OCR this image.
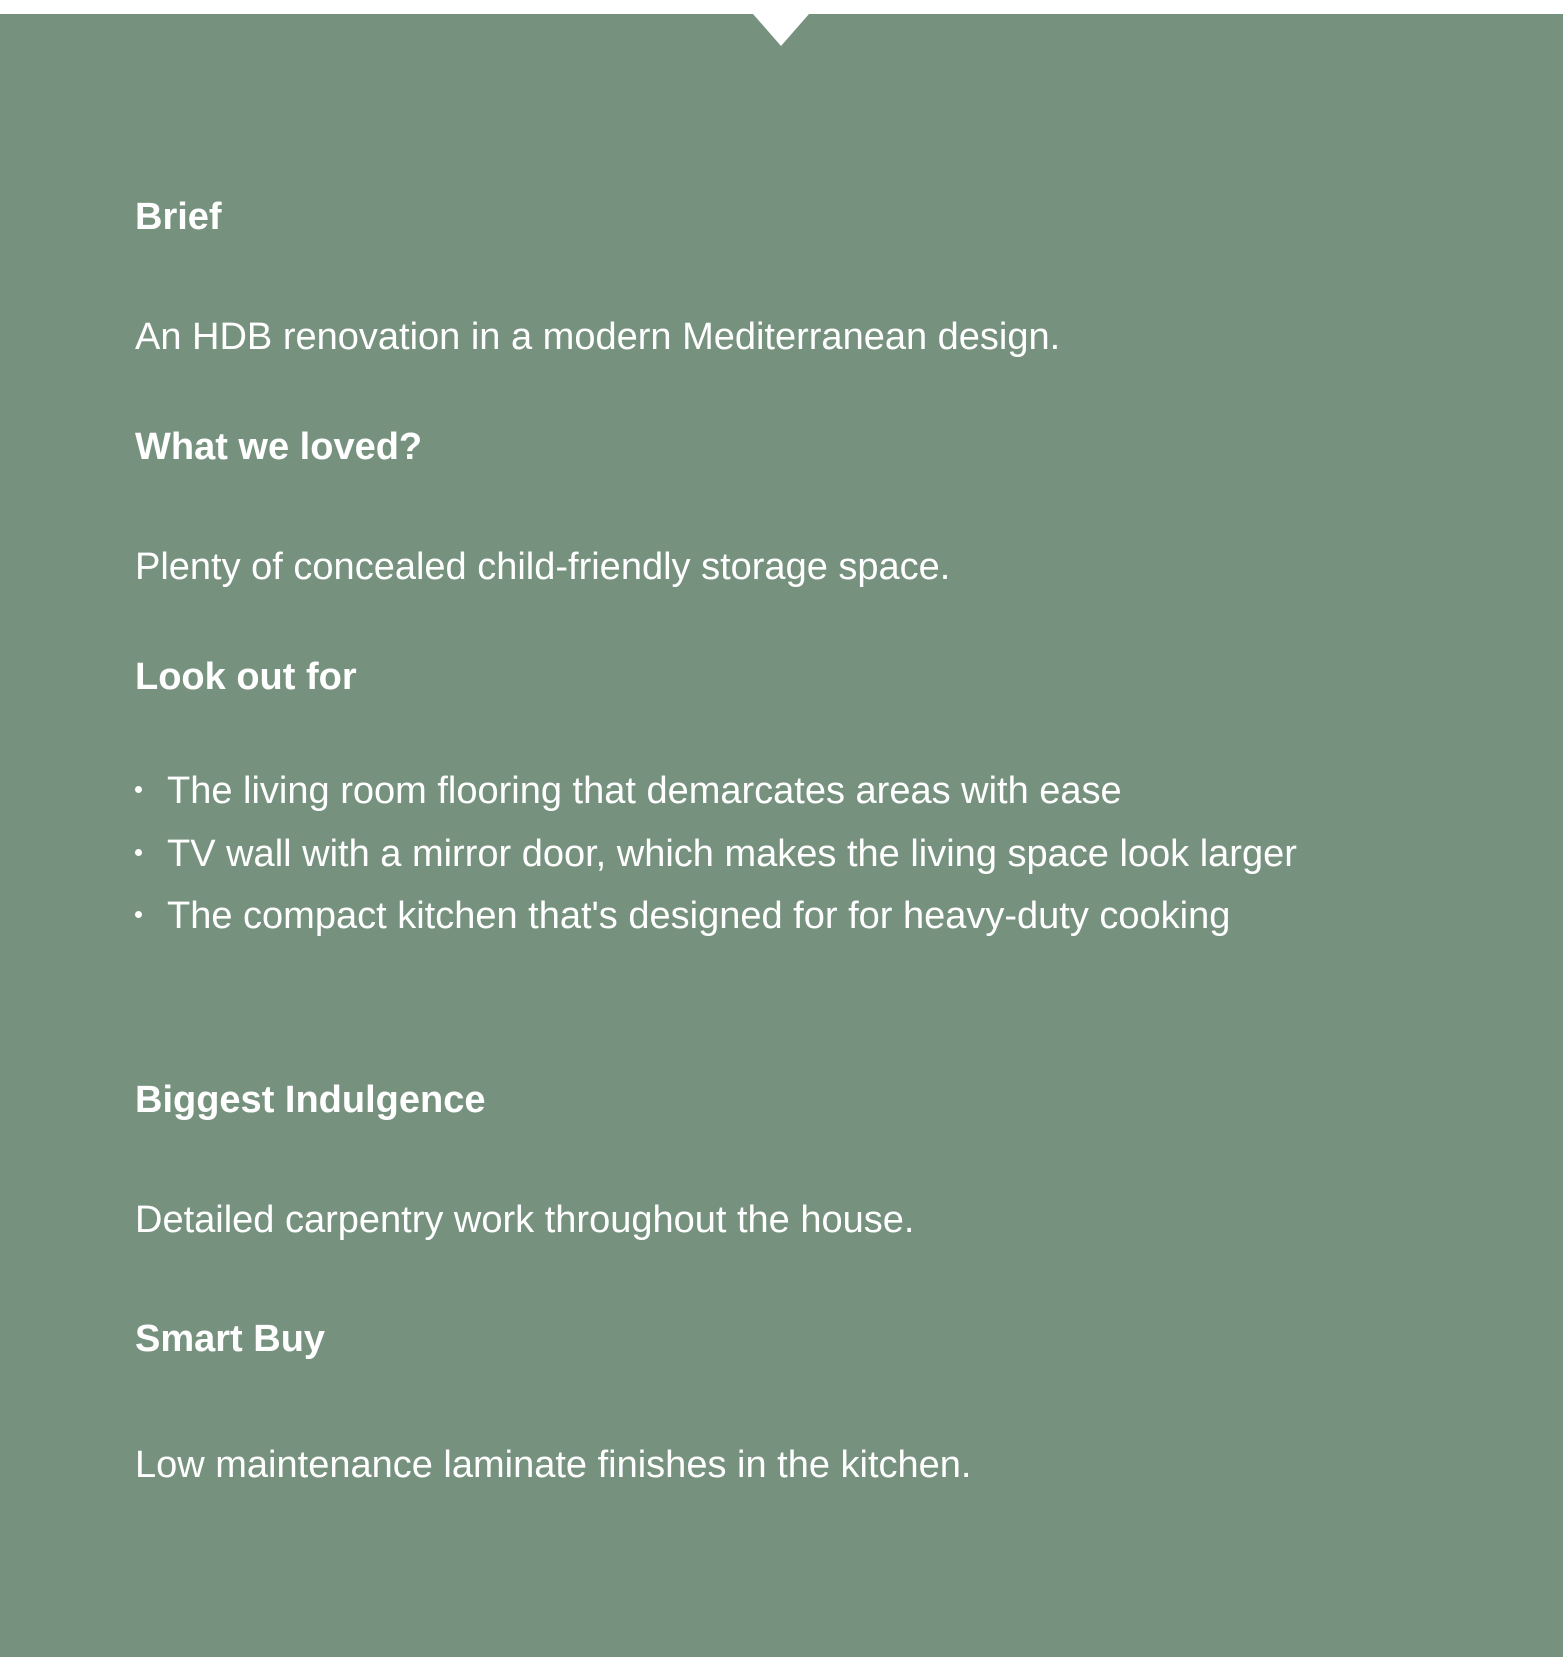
Brief

An HDB renovation in a modern Mediterranean design.

What we loved?

Plenty of concealed child-friendly storage space.

Look out for
The living room flooring that demarcates areas with ease
TV wall with a mirror door, which makes the living space look larger
The compact kitchen that's designed for for heavy-duty cooking
Biggest Indulgence

Detailed carpentry work throughout the house.

Smart Buy

Low maintenance laminate finishes in the kitchen.
